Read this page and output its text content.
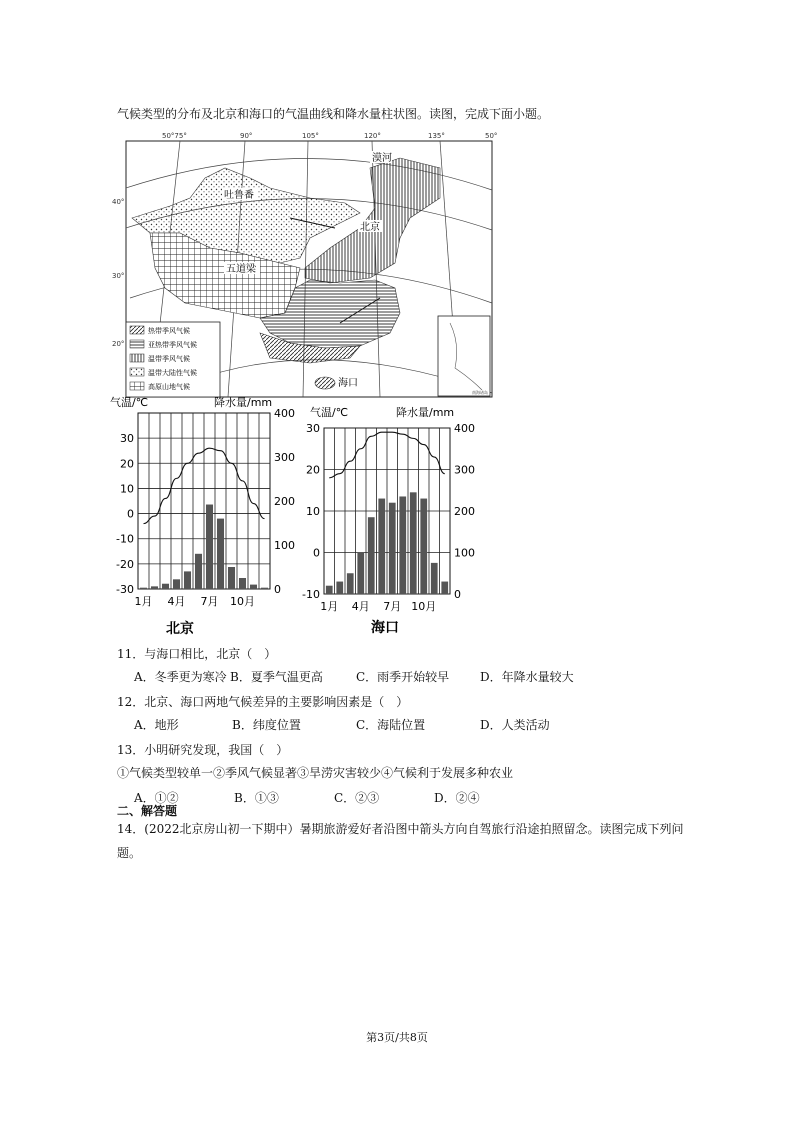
气候类型的分布及北京和海口的气温曲线和降水量柱状图。读图，完成下面小题。
南海诸岛
50°75°	90°	105°	120°	135°	50°
40°
30°
20°
漠河
吐鲁番
北京
五道梁
海口
热带季风气候
亚热带季风气候
温带季风气候
温带大陆性气候
高原山地气候
气温/℃	降水量/mm
-30
-20
-10
0
10
20
30
0
100
200
300
400
1月 4月 7月 10月
北京
气温/℃	降水量/mm
-10
0
10
20
30
0
100
200
300
400
1月 4月 7月 10月
海口
11．与海口相比，北京（　）
A．冬季更为寒冷 B．夏季气温更高	C．雨季开始较早	D．年降水量较大
12．北京、海口两地气候差异的主要影响因素是（　）
A．地形	B．纬度位置	C．海陆位置	D．人类活动
13．小明研究发现，我国（　）
①气候类型较单一②季风气候显著③旱涝灾害较少④气候利于发展多种农业
A．①②	B．①③	C．②③	D．②④
二、解答题
14．(2022北京房山初一下期中）暑期旅游爱好者沿图中箭头方向自驾旅行沿途拍照留念。读图完成下列问
题。
第3页/共8页
